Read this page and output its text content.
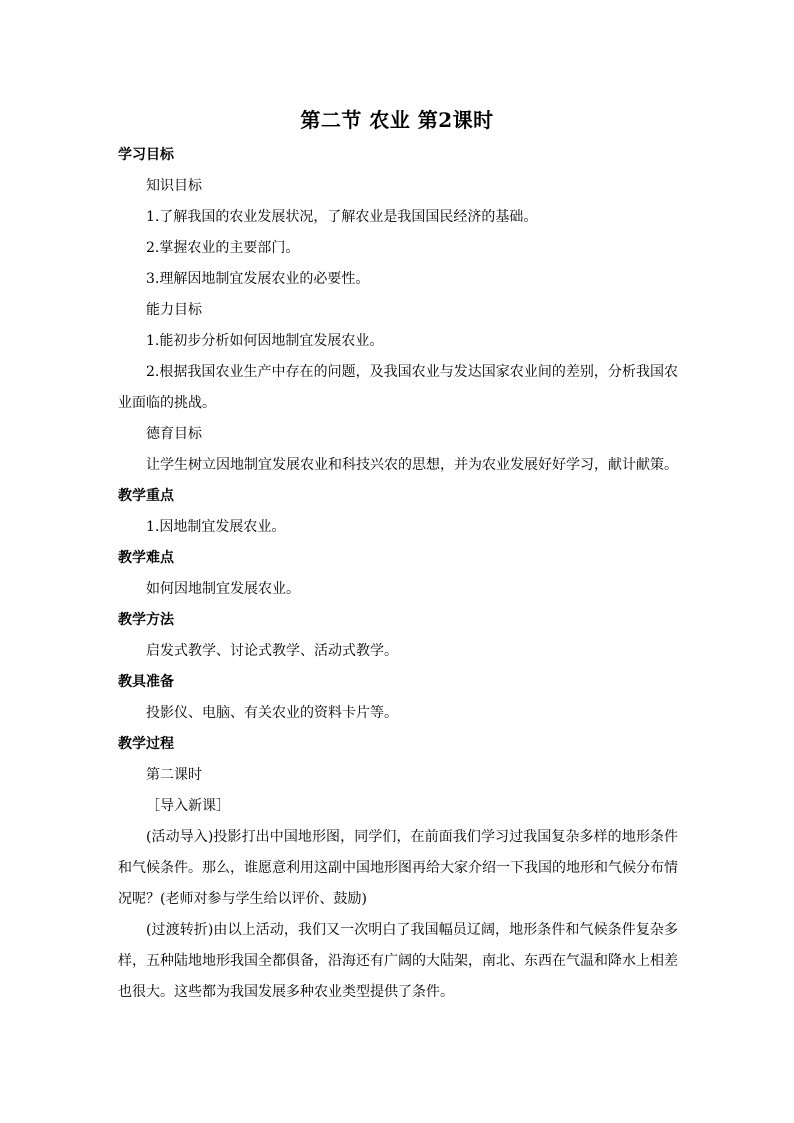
第二节 农业 第2课时

学习目标

知识目标

1.了解我国的农业发展状况，了解农业是我国国民经济的基础。

2.掌握农业的主要部门。

3.理解因地制宜发展农业的必要性。

能力目标

1.能初步分析如何因地制宜发展农业。

2.根据我国农业生产中存在的问题，及我国农业与发达国家农业间的差别，分析我国农业面临的挑战。

德育目标

让学生树立因地制宜发展农业和科技兴农的思想，并为农业发展好好学习，献计献策。

教学重点

1.因地制宜发展农业。

教学难点

如何因地制宜发展农业。

教学方法

启发式教学、讨论式教学、活动式教学。

教具准备

投影仪、电脑、有关农业的资料卡片等。

教学过程

第二课时

［导入新课］

(活动导入)投影打出中国地形图，同学们，在前面我们学习过我国复杂多样的地形条件和气候条件。那么，谁愿意利用这副中国地形图再给大家介绍一下我国的地形和气候分布情况呢？(老师对参与学生给以评价、鼓励)

(过渡转折)由以上活动，我们又一次明白了我国幅员辽阔，地形条件和气候条件复杂多样，五种陆地地形我国全都俱备，沿海还有广阔的大陆架，南北、东西在气温和降水上相差也很大。这些都为我国发展多种农业类型提供了条件。
